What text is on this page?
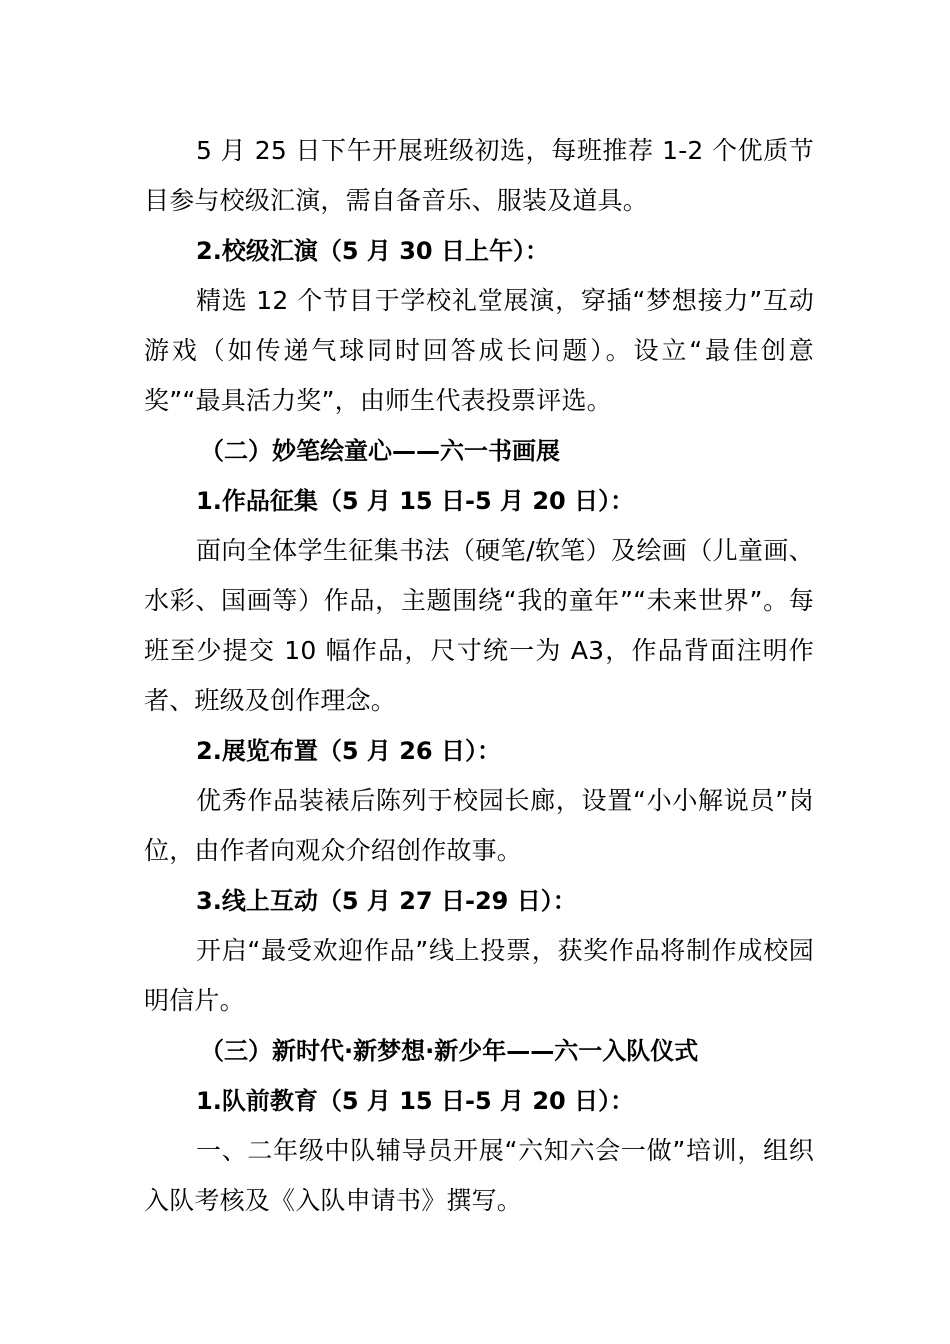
5 月 25 日下午开展班级初选，每班推荐 1-2 个优质节目参与校级汇演，需自备音乐、服装及道具。

2.校级汇演（5 月 30 日上午）：

精选 12 个节目于学校礼堂展演，穿插“梦想接力”互动游戏（如传递气球同时回答成长问题）。设立“最佳创意奖”“最具活力奖”，由师生代表投票评选。

（二）妙笔绘童心——六一书画展

1.作品征集（5 月 15 日-5 月 20 日）：

面向全体学生征集书法（硬笔/软笔）及绘画（儿童画、水彩、国画等）作品，主题围绕“我的童年”“未来世界”。每班至少提交 10 幅作品，尺寸统一为 A3，作品背面注明作者、班级及创作理念。

2.展览布置（5 月 26 日）：

优秀作品装裱后陈列于校园长廊，设置“小小解说员”岗位，由作者向观众介绍创作故事。

3.线上互动（5 月 27 日-29 日）：

开启“最受欢迎作品”线上投票，获奖作品将制作成校园明信片。

（三）新时代·新梦想·新少年——六一入队仪式

1.队前教育（5 月 15 日-5 月 20 日）：

一、二年级中队辅导员开展“六知六会一做”培训，组织入队考核及《入队申请书》撰写。
